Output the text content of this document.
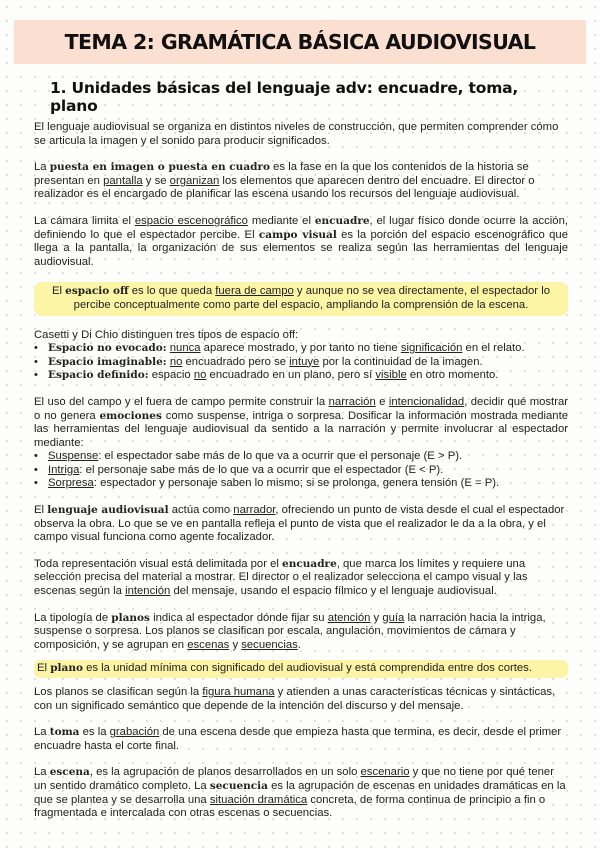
TEMA 2: GRAMÁTICA BÁSICA AUDIOVISUAL
1. Unidades básicas del lenguaje adv: encuadre, toma, plano

El lenguaje audiovisual se organiza en distintos niveles de construcción, que permiten comprender cómo se articula la imagen y el sonido para producir significados.

La puesta en imagen o puesta en cuadro es la fase en la que los contenidos de la historia se presentan en pantalla y se organizan los elementos que aparecen dentro del encuadre. El director o realizador es el encargado de planificar las escena usando los recursos del lenguaje audiovisual.

La cámara limita el espacio escenográfico mediante el encuadre, el lugar físico donde ocurre la acción, definiendo lo que el espectador percibe. El campo visual es la porción del espacio escenográfico que llega a la pantalla, la organización de sus elementos se realiza según las herramientas del lenguaje audiovisual.

El espacio off es lo que queda fuera de campo y aunque no se vea directamente, el espectador lo percibe conceptualmente como parte del espacio, ampliando la comprensión de la escena.

Casetti y Di Chio distinguen tres tipos de espacio off:

• Espacio no evocado: nunca aparece mostrado, y por tanto no tiene significación en el relato.
• Espacio imaginable: no encuadrado pero se intuye por la continuidad de la imagen.
• Espacio definido: espacio no encuadrado en un plano, pero sí visible en otro momento.

El uso del campo y el fuera de campo permite construir la narración e intencionalidad, decidir qué mostrar o no genera emociones como suspense, intriga o sorpresa. Dosificar la información mostrada mediante las herramientas del lenguaje audiovisual da sentido a la narración y permite involucrar al espectador mediante:

• Suspense: el espectador sabe más de lo que va a ocurrir que el personaje (E > P).
• Intriga: el personaje sabe más de lo que va a ocurrir que el espectador (E < P).
• Sorpresa: espectador y personaje saben lo mismo; si se prolonga, genera tensión (E = P).

El lenguaje audiovisual actúa como narrador, ofreciendo un punto de vista desde el cual el espectador observa la obra. Lo que se ve en pantalla refleja el punto de vista que el realizador le da a la obra, y el campo visual funciona como agente focalizador.

Toda representación visual está delimitada por el encuadre, que marca los límites y requiere una selección precisa del material a mostrar. El director o el realizador selecciona el campo visual y las escenas según la intención del mensaje, usando el espacio fílmico y el lenguaje audiovisual.

La tipología de planos indica al espectador dónde fijar su atención y guía la narración hacia la intriga, suspense o sorpresa. Los planos se clasifican por escala, angulación, movimientos de cámara y composición, y se agrupan en escenas y secuencias.

El plano es la unidad mínima con significado del audiovisual y está comprendida entre dos cortes.

Los planos se clasifican según la figura humana y atienden a unas características técnicas y sintácticas, con un significado semántico que depende de la intención del discurso y del mensaje.

La toma es la grabación de una escena desde que empieza hasta que termina, es decir, desde el primer encuadre hasta el corte final.

La escena, es la agrupación de planos desarrollados en un solo escenario y que no tiene por qué tener un sentido dramático completo. La secuencia es la agrupación de escenas en unidades dramáticas en la que se plantea y se desarrolla una situación dramática concreta, de forma continua de principio a fin o fragmentada e intercalada con otras escenas o secuencias.
